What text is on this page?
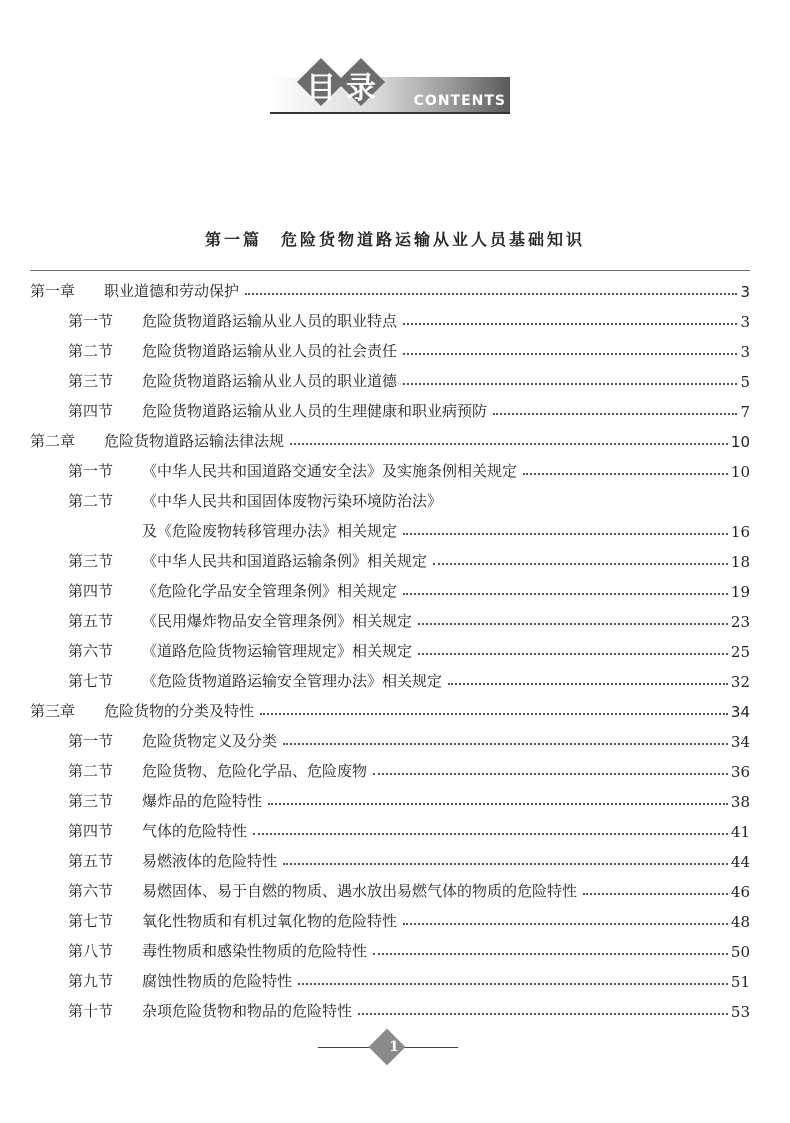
目 录	CONTENTS
第一篇　危险货物道路运输从业人员基础知识
第一章	职业道德和劳动保护	3
第一节	危险货物道路运输从业人员的职业特点	3
第二节	危险货物道路运输从业人员的社会责任	3
第三节	危险货物道路运输从业人员的职业道德	5
第四节	危险货物道路运输从业人员的生理健康和职业病预防	7
第二章	危险货物道路运输法律法规	10
第一节	《中华人民共和国道路交通安全法》及实施条例相关规定	10
第二节	《中华人民共和国固体废物污染环境防治法》
及《危险废物转移管理办法》相关规定	16
第三节	《中华人民共和国道路运输条例》相关规定	18
第四节	《危险化学品安全管理条例》相关规定	19
第五节	《民用爆炸物品安全管理条例》相关规定	23
第六节	《道路危险货物运输管理规定》相关规定	25
第七节	《危险货物道路运输安全管理办法》相关规定	32
第三章	危险货物的分类及特性	34
第一节	危险货物定义及分类	34
第二节	危险货物、危险化学品、危险废物	36
第三节	爆炸品的危险特性	38
第四节	气体的危险特性	41
第五节	易燃液体的危险特性	44
第六节	易燃固体、易于自燃的物质、遇水放出易燃气体的物质的危险特性	46
第七节	氧化性物质和有机过氧化物的危险特性	48
第八节	毒性物质和感染性物质的危险特性	50
第九节	腐蚀性物质的危险特性	51
第十节	杂项危险货物和物品的危险特性	53
1
